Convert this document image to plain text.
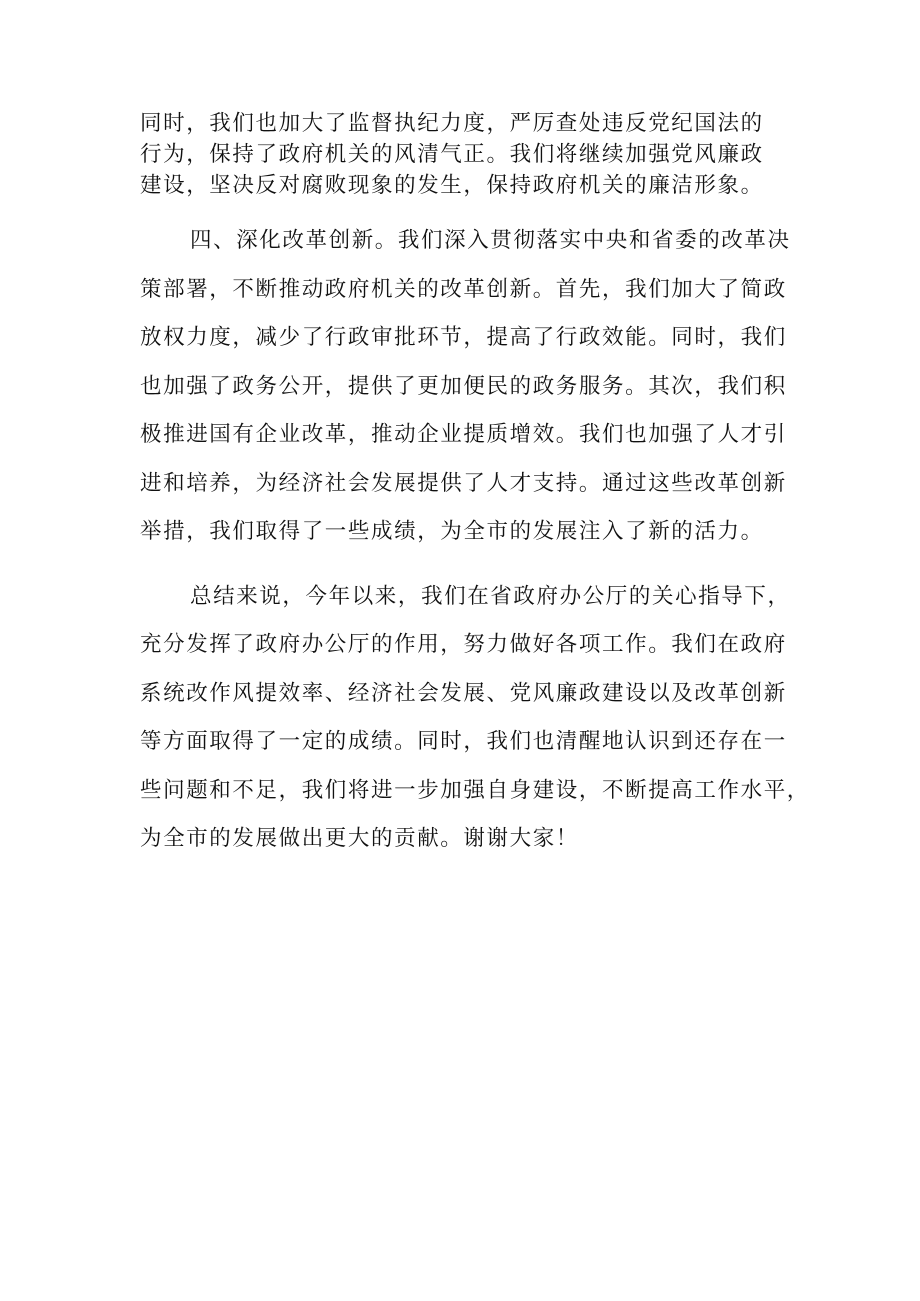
同时，我们也加大了监督执纪力度，严厉查处违反党纪国法的
行为，保持了政府机关的风清气正。我们将继续加强党风廉政
建设，坚决反对腐败现象的发生，保持政府机关的廉洁形象。
四、深化改革创新。我们深入贯彻落实中央和省委的改革决
策部署，不断推动政府机关的改革创新。首先，我们加大了简政
放权力度，减少了行政审批环节，提高了行政效能。同时，我们
也加强了政务公开，提供了更加便民的政务服务。其次，我们积
极推进国有企业改革，推动企业提质增效。我们也加强了人才引
进和培养，为经济社会发展提供了人才支持。通过这些改革创新
举措，我们取得了一些成绩，为全市的发展注入了新的活力。
总结来说，今年以来，我们在省政府办公厅的关心指导下，
充分发挥了政府办公厅的作用，努力做好各项工作。我们在政府
系统改作风提效率、经济社会发展、党风廉政建设以及改革创新
等方面取得了一定的成绩。同时，我们也清醒地认识到还存在一
些问题和不足，我们将进一步加强自身建设，不断提高工作水平，
为全市的发展做出更大的贡献。谢谢大家！
